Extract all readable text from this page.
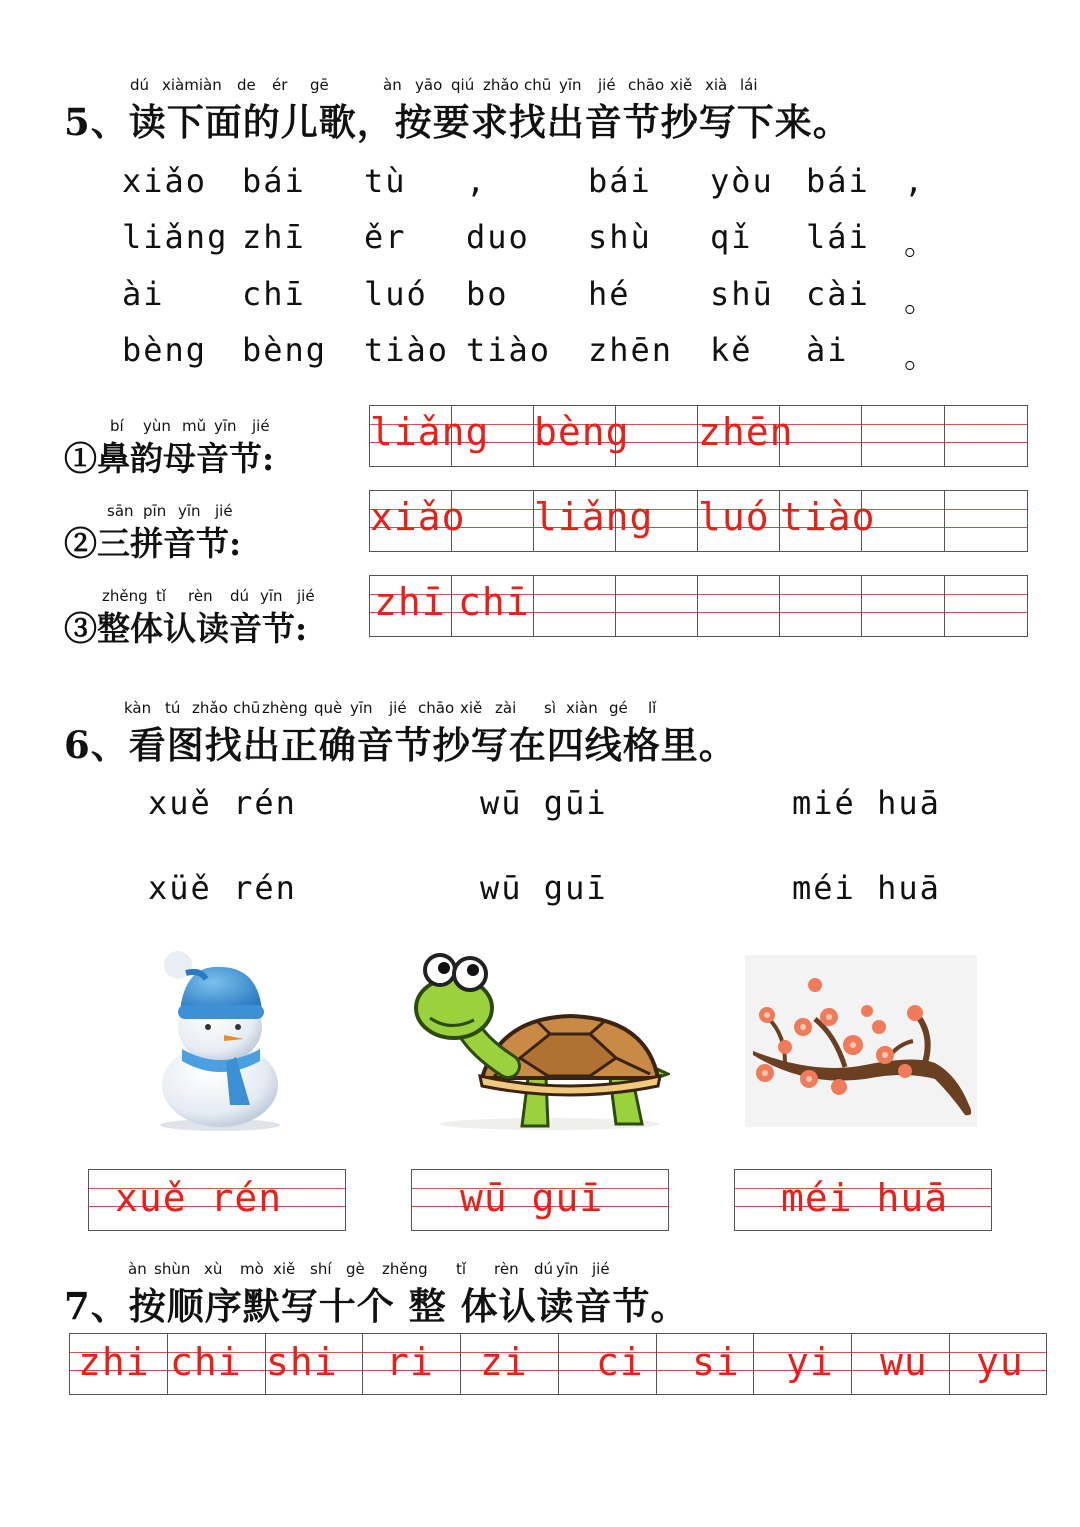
dú xiàmiàn de ér gē	àn yāo qiú zhǎo chū yīn jié chāo xiě xià lái
5、读下面的儿歌，按要求找出音节抄写下来。
xiǎo bái tù ,	bái yòu bái ,
liǎng zhī ěr duo shù qǐ lái 。
ài chī luó bo hé shū cài 。
bèng bèng tiào tiào zhēn kě ài 。
bí yùn mǔ yīn jié
①鼻韵母音节:
liǎng bèng zhēn
sān pīn yīn jié
②三拼音节:
xiǎo liǎng luó tiào
zhěng tǐ rèn dú yīn jié
③整体认读音节:
zhī chī
kàn tú zhǎo chū zhèng què yīn jié chāo xiě zài sì xiàn gé lǐ
6、看图找出正确音节抄写在四线格里。
xuě rén	wū gūi	mié huā
xüě rén	wū guī	méi huā
xuě rén	wū guī	méi huā
àn shùn xù mò xiě shí gè zhěng tǐ rèn dú yīn jié
7、按顺序默写十个 整 体认读音节。
zhi chi shi ri zi ci si yi wu yu
